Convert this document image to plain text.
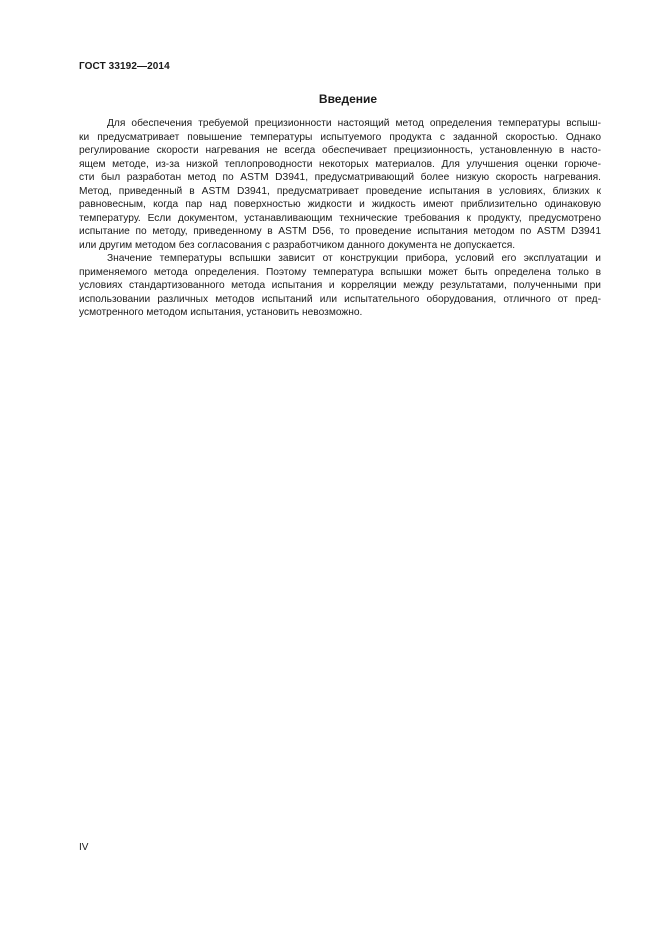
ГОСТ 33192—2014
Введение
Для обеспечения требуемой прецизионности настоящий метод определения температуры вспыш-
ки предусматривает повышение температуры испытуемого продукта с заданной скоростью. Однако
регулирование скорости нагревания не всегда обеспечивает прецизионность, установленную в насто-
ящем методе, из-за низкой теплопроводности некоторых материалов. Для улучшения оценки горюче-
сти был разработан метод по ASTM D3941, предусматривающий более низкую скорость нагревания.
Метод, приведенный в ASTM D3941, предусматривает проведение испытания в условиях, близких к
равновесным, когда пар над поверхностью жидкости и жидкость имеют приблизительно одинаковую
температуру. Если документом, устанавливающим технические требования к продукту, предусмотрено
испытание по методу, приведенному в ASTM D56, то проведение испытания методом по ASTM D3941
или другим методом без согласования с разработчиком данного документа не допускается.
Значение температуры вспышки зависит от конструкции прибора, условий его эксплуатации и
применяемого метода определения. Поэтому температура вспышки может быть определена только в
условиях стандартизованного метода испытания и корреляции между результатами, полученными при
использовании различных методов испытаний или испытательного оборудования, отличного от пред-
усмотренного методом испытания, установить невозможно.
IV
